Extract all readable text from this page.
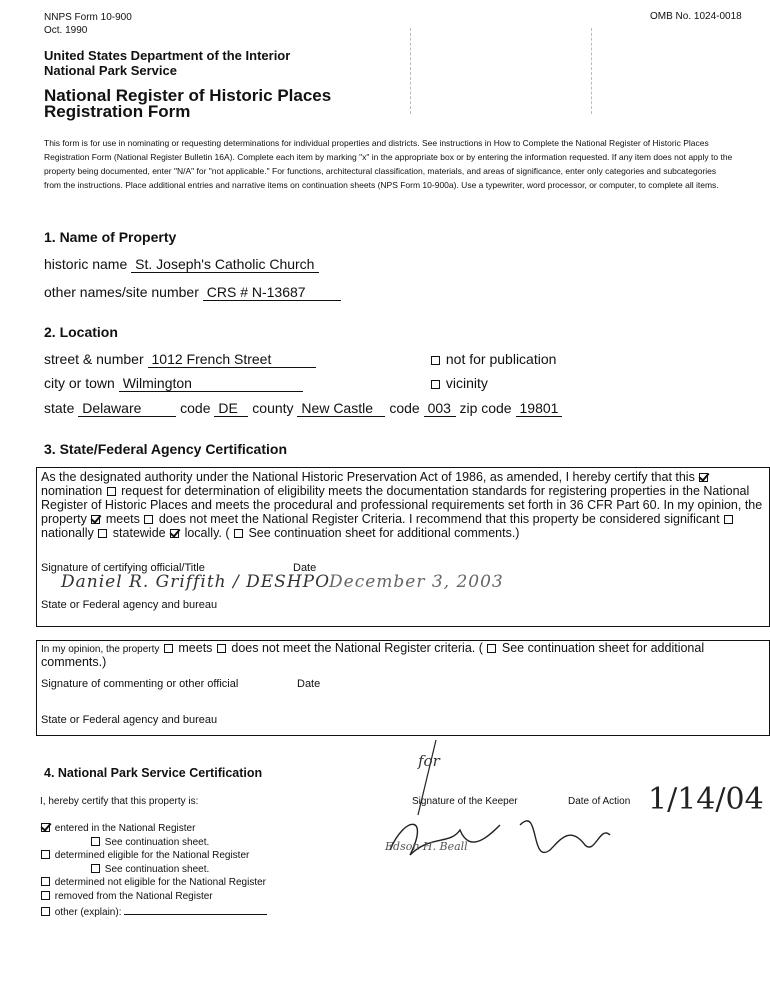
NNPS Form 10-900
Oct. 1990
OMB No. 1024-0018
United States Department of the Interior
National Park Service
National Register of Historic Places
Registration Form
This form is for use in nominating or requesting determinations for individual properties and districts. See instructions in How to Complete the National Register of Historic Places Registration Form (National Register Bulletin 16A). Complete each item by marking "x" in the appropriate box or by entering the information requested. If any item does not apply to the property being documented, enter "N/A" for "not applicable." For functions, architectural classification, materials, and areas of significance, enter only categories and subcategories from the instructions. Place additional entries and narrative items on continuation sheets (NPS Form 10-900a). Use a typewriter, word processor, or computer, to complete all items.
1. Name of Property
historic name St. Joseph's Catholic Church
other names/site number CRS # N-13687
2. Location
street & number 1012 French Street	not for publication
city or town Wilmington	vicinity
state Delaware	code DE county New Castle code 003 zip code 19801
3. State/Federal Agency Certification
As the designated authority under the National Historic Preservation Act of 1986, as amended, I hereby certify that this  nomination request for determination of eligibility meets the documentation standards for registering properties in the National Register of Historic Places and meets the procedural and professional requirements set forth in 36 CFR Part 60. In my opinion, the property meets does not meet the National Register Criteria. I recommend that this property be considered significant  nationally statewide locally. ( See continuation sheet for additional comments.)
Signature of certifying official/Title	Date
Daniel R. Griffith / DESHPO
December 3, 2003
State or Federal agency and bureau
In my opinion, the property meets does not meet the National Register criteria. ( See continuation sheet for additional comments.)
Signature of commenting or other official	Date
State or Federal agency and bureau
4. National Park Service Certification
I, hereby certify that this property is:	Signature of the Keeper	Date of Action
for
Edson H. Beall
1/14/04
entered in the National Register
See continuation sheet.
determined eligible for the National Register
See continuation sheet.
determined not eligible for the National Register
removed from the National Register
other (explain):
